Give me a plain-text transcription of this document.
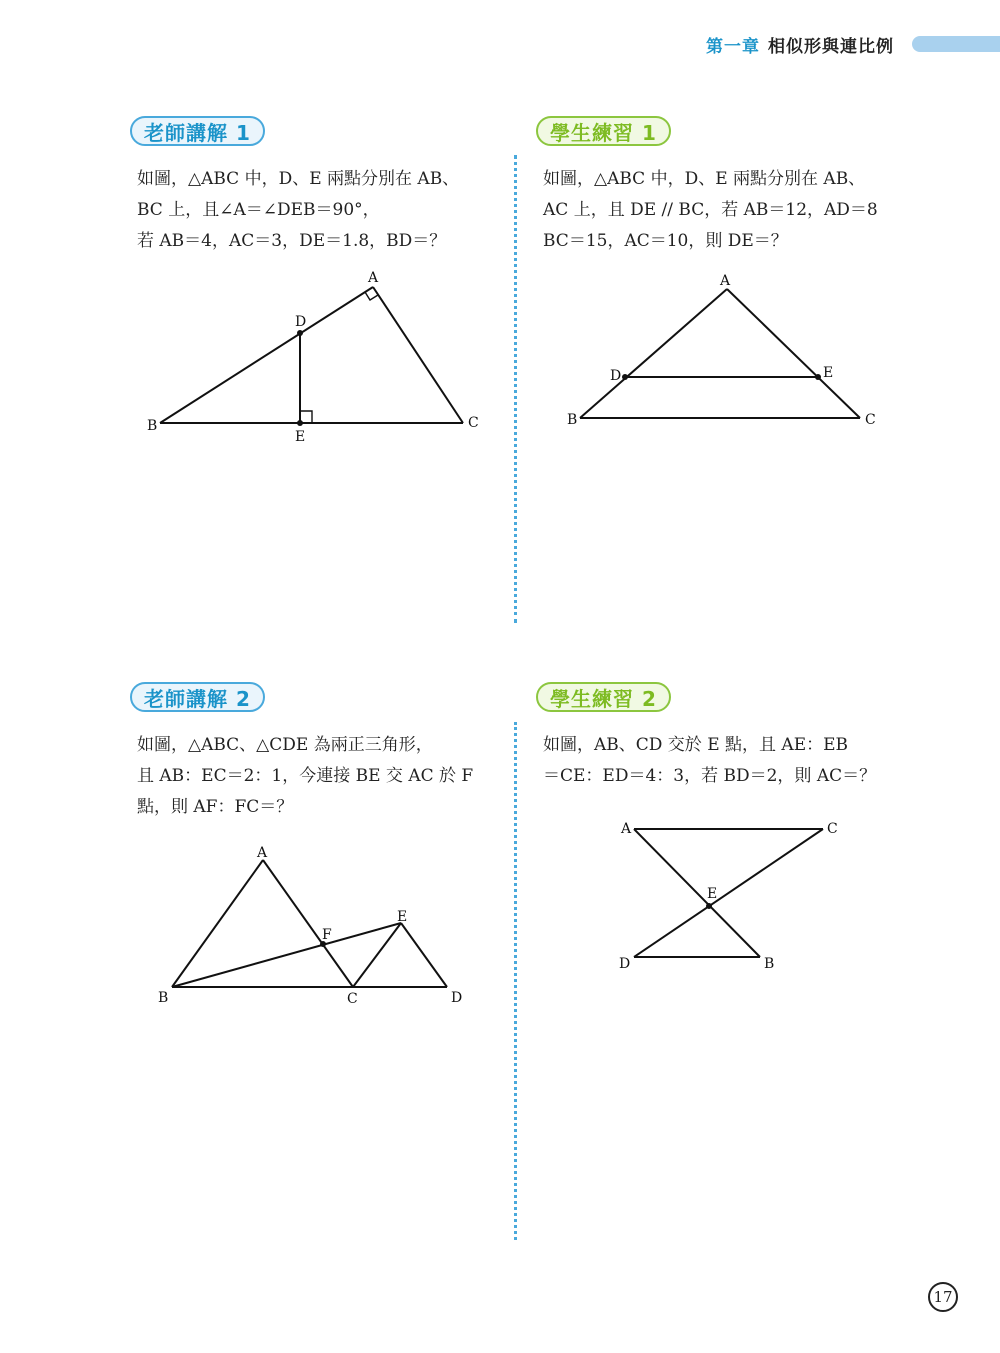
第一章 相似形與連比例
老師講解 1

如圖，△ABC 中，D、E 兩點分別在 AB、

BC 上，且∠A＝∠DEB＝90°，

若 AB＝4，AC＝3，DE＝1.8，BD＝？

A
B	C
D
E
學生練習 1

如圖，△ABC 中，D、E 兩點分別在 AB、

AC 上，且 DE // BC，若 AB＝12，AD＝8

BC＝15，AC＝10，則 DE＝？

A
B	C
D	E
老師講解 2

如圖，△ABC、△CDE 為兩正三角形，

且 AB：EC＝2：1，今連接 BE 交 AC 於 F

點，則 AF：FC＝？

A
B	C	D
E
F
學生練習 2

如圖，AB、CD 交於 E 點，且 AE：EB

＝CE：ED＝4：3，若 BD＝2，則 AC＝？

A
B
C
D
E
17
